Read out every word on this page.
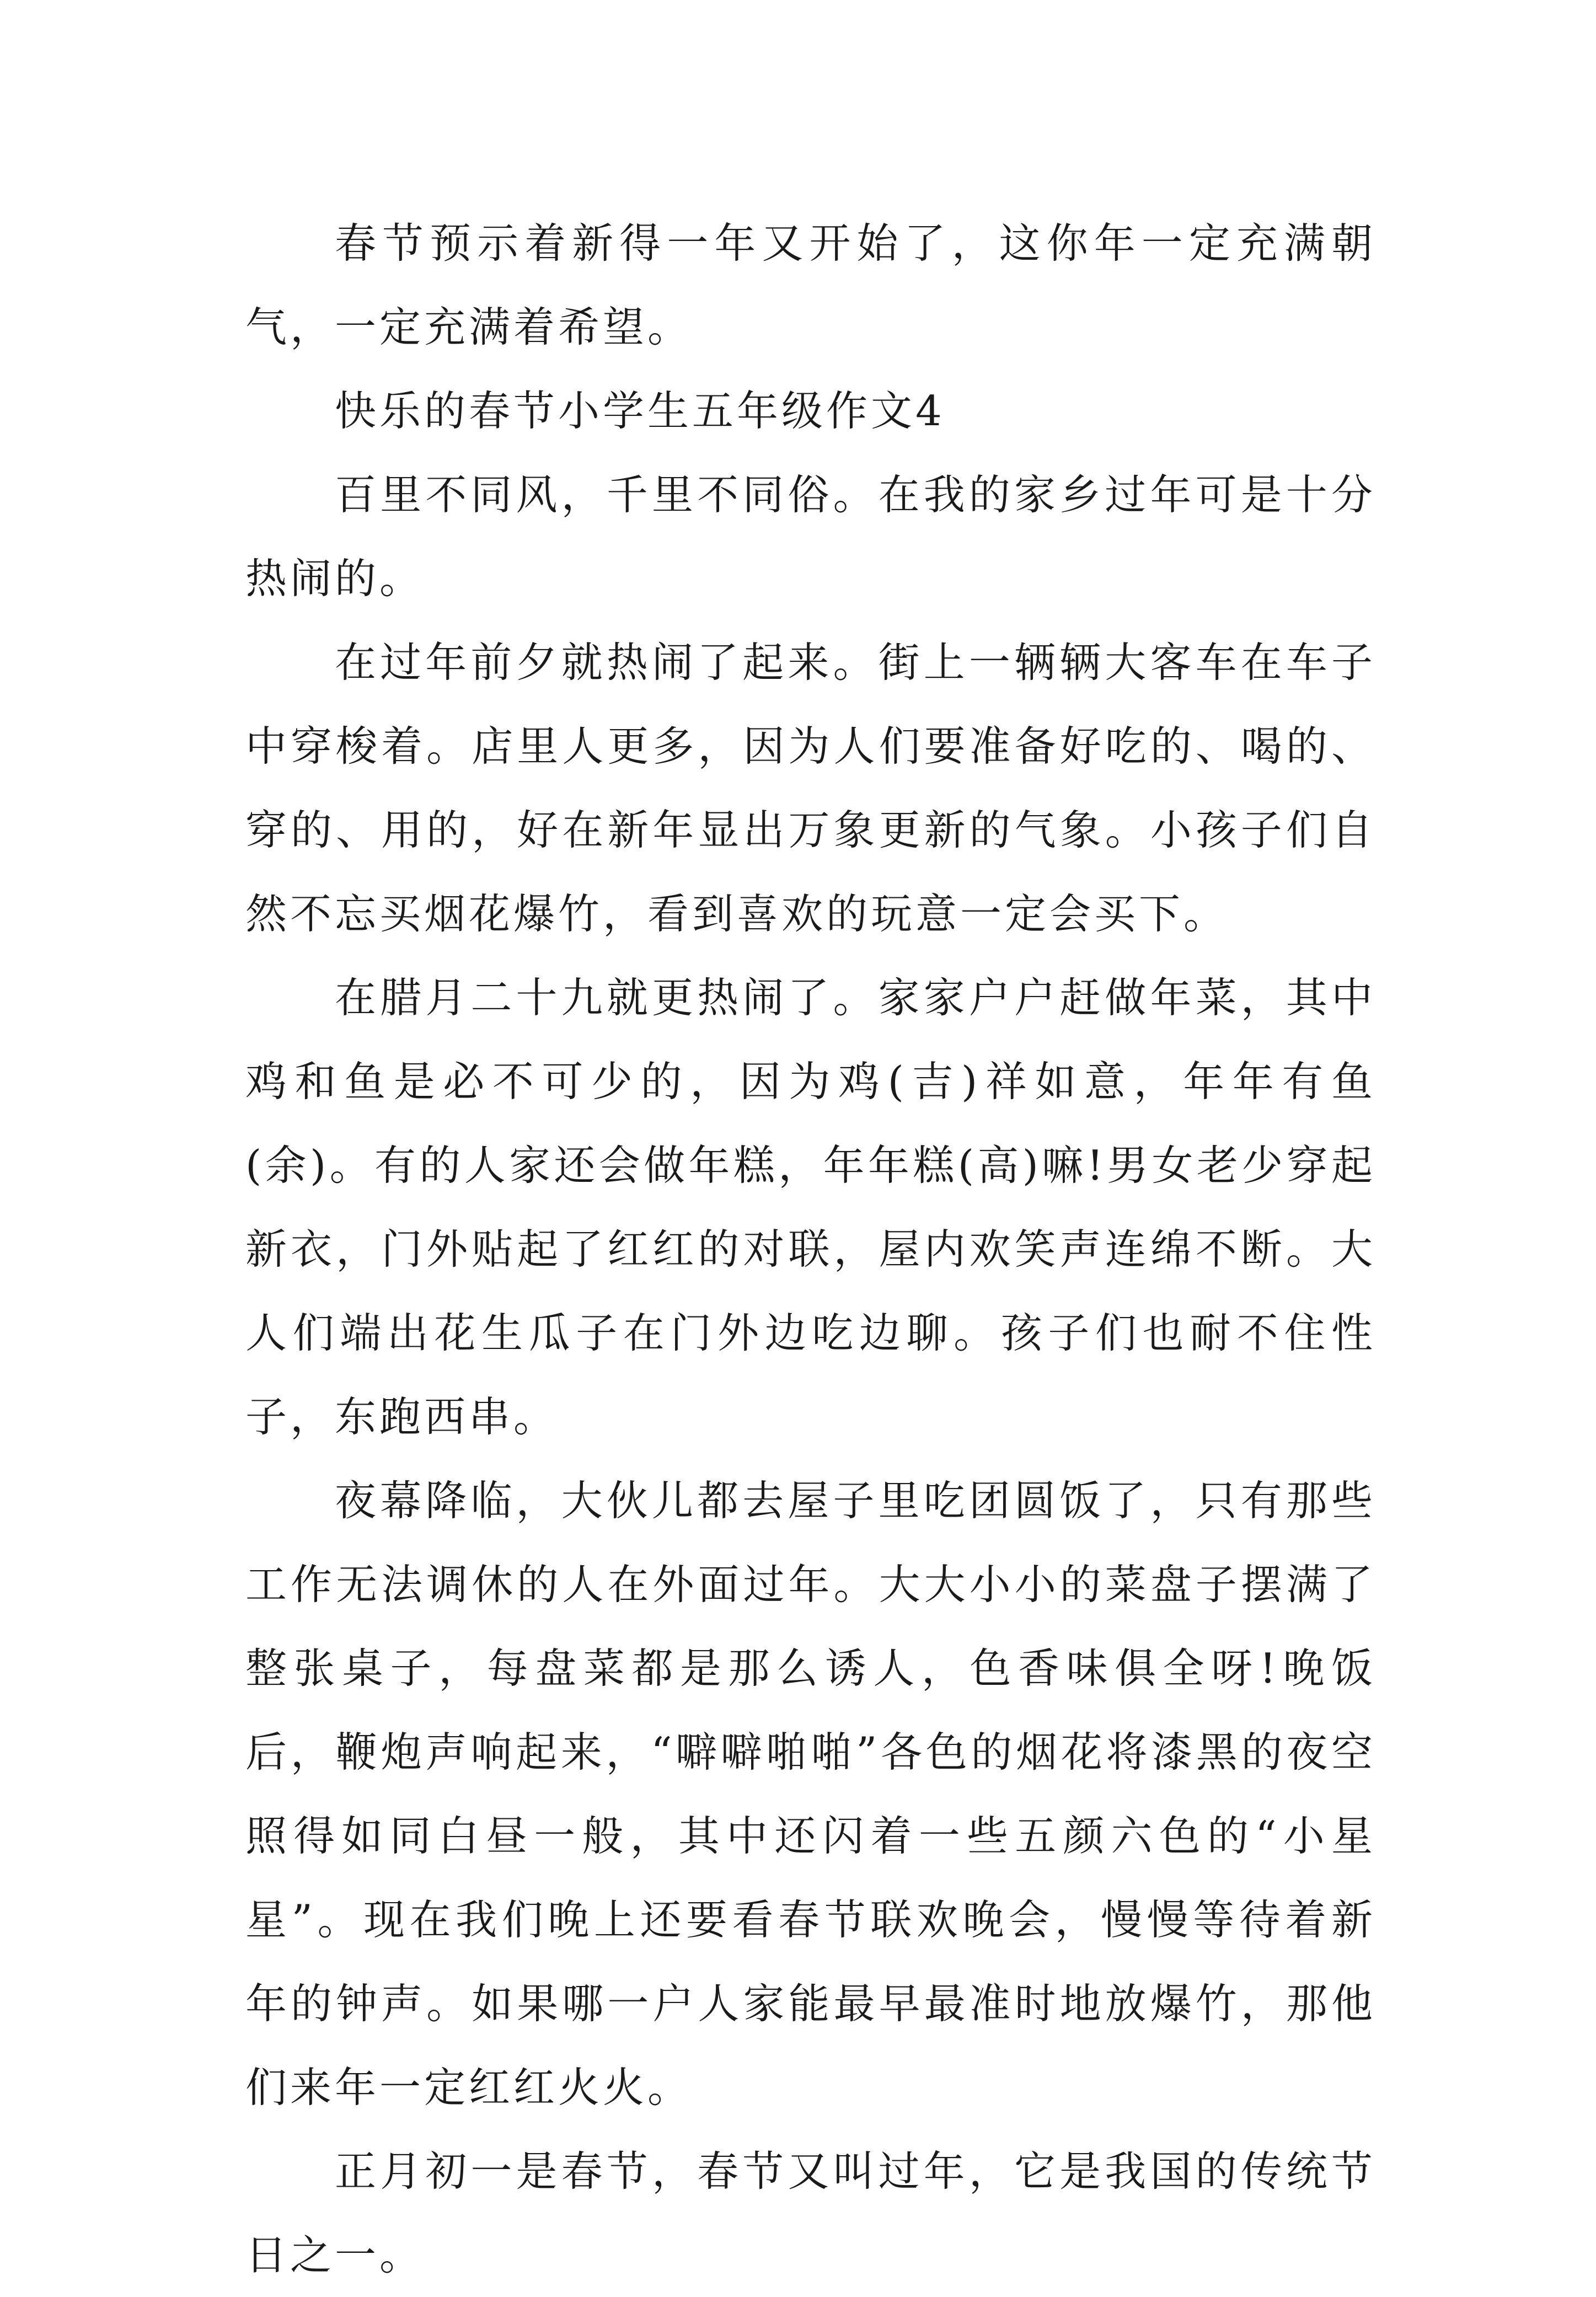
春节预示着新得一年又开始了，这你年一定充满朝气，一定充满着希望。

快乐的春节小学生五年级作文4

百里不同风，千里不同俗。在我的家乡过年可是十分热闹的。

在过年前夕就热闹了起来。街上一辆辆大客车在车子中穿梭着。店里人更多，因为人们要准备好吃的、喝的、穿的、用的，好在新年显出万象更新的气象。小孩子们自然不忘买烟花爆竹，看到喜欢的玩意一定会买下。

在腊月二十九就更热闹了。家家户户赶做年菜，其中鸡和鱼是必不可少的，因为鸡(吉)祥如意，年年有鱼(余)。有的人家还会做年糕，年年糕(高)嘛!男女老少穿起新衣，门外贴起了红红的对联，屋内欢笑声连绵不断。大人们端出花生瓜子在门外边吃边聊。孩子们也耐不住性子，东跑西串。

夜幕降临，大伙儿都去屋子里吃团圆饭了，只有那些工作无法调休的人在外面过年。大大小小的菜盘子摆满了整张桌子，每盘菜都是那么诱人，色香味俱全呀!晚饭后，鞭炮声响起来，“噼噼啪啪”各色的烟花将漆黑的夜空照得如同白昼一般，其中还闪着一些五颜六色的“小星星”。现在我们晚上还要看春节联欢晚会，慢慢等待着新年的钟声。如果哪一户人家能最早最准时地放爆竹，那他们来年一定红红火火。

正月初一是春节，春节又叫过年，它是我国的传统节日之一。
